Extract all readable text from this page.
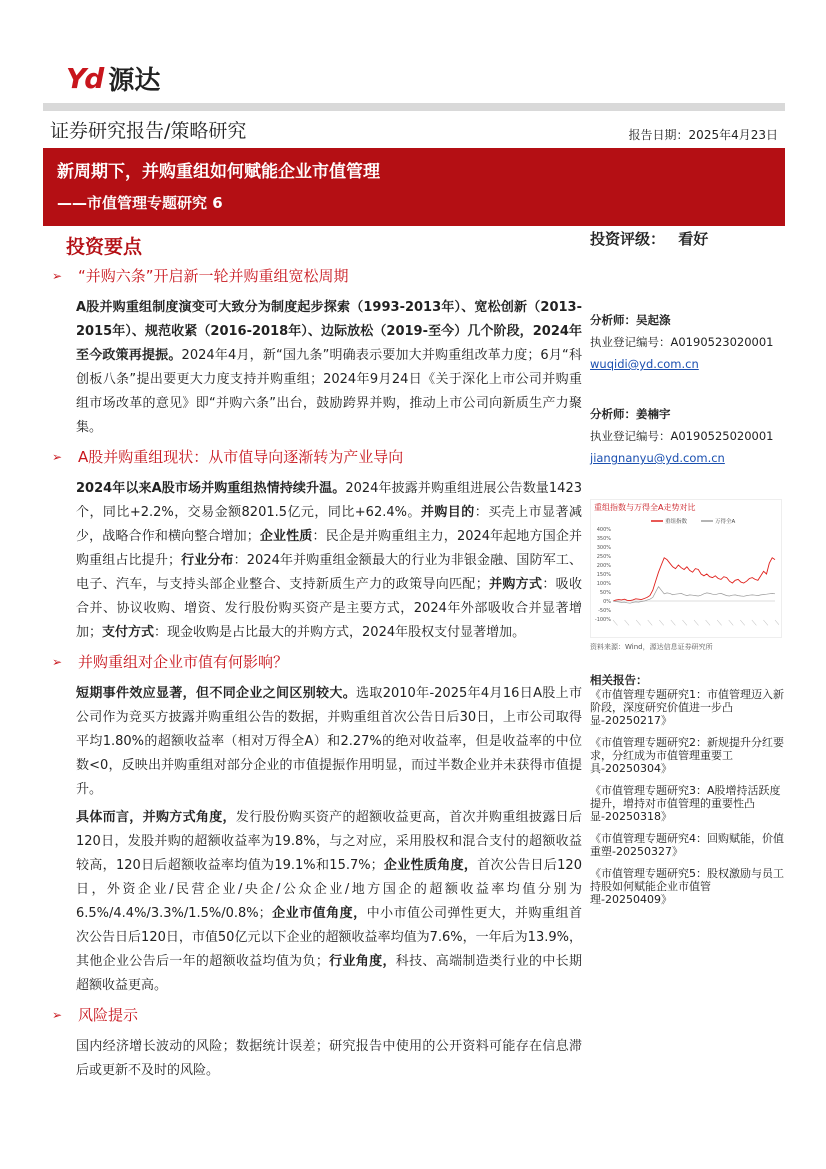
Yd 源达
证券研究报告/策略研究	报告日期：2025年4月23日
新周期下，并购重组如何赋能企业市值管理
——市值管理专题研究 6
投资要点
➢	“并购六条”开启新一轮并购重组宽松周期
A股并购重组制度演变可大致分为制度起步探索（1993-2013年）、宽松创新（2013-2015年）、规范收紧（2016-2018年）、边际放松（2019-至今）几个阶段，2024年至今政策再提振。2024年4月，新“国九条”明确表示要加大并购重组改革力度；6月“科创板八条”提出要更大力度支持并购重组；2024年9月24日《关于深化上市公司并购重组市场改革的意见》即“并购六条”出台，鼓励跨界并购，推动上市公司向新质生产力聚集。
➢	A股并购重组现状：从市值导向逐渐转为产业导向
2024年以来A股市场并购重组热情持续升温。2024年披露并购重组进展公告数量1423个，同比+2.2%，交易金额8201.5亿元，同比+62.4%。并购目的：买壳上市显著减少，战略合作和横向整合增加；企业性质：民企是并购重组主力，2024年起地方国企并购重组占比提升；行业分布：2024年并购重组金额最大的行业为非银金融、国防军工、电子、汽车，与支持头部企业整合、支持新质生产力的政策导向匹配；并购方式：吸收合并、协议收购、增资、发行股份购买资产是主要方式，2024年外部吸收合并显著增加；支付方式：现金收购是占比最大的并购方式，2024年股权支付显著增加。
➢	并购重组对企业市值有何影响？
短期事件效应显著，但不同企业之间区别较大。选取2010年-2025年4月16日A股上市公司作为竞买方披露并购重组公告的数据，并购重组首次公告日后30日，上市公司取得平均1.80%的超额收益率（相对万得全A）和2.27%的绝对收益率，但是收益率的中位数<0，反映出并购重组对部分企业的市值提振作用明显，而过半数企业并未获得市值提升。
具体而言，并购方式角度，发行股份购买资产的超额收益更高，首次并购重组披露日后120日，发股并购的超额收益率为19.8%，与之对应，采用股权和混合支付的超额收益较高，120日后超额收益率均值为19.1%和15.7%；企业性质角度，首次公告日后120日，外资企业/民营企业/央企/公众企业/地方国企的超额收益率均值分别为6.5%/4.4%/3.3%/1.5%/0.8%；企业市值角度，中小市值公司弹性更大，并购重组首次公告日后120日，市值50亿元以下企业的超额收益率均值为7.6%，一年后为13.9%，其他企业公告后一年的超额收益均值为负；行业角度，科技、高端制造类行业的中长期超额收益更高。
➢	风险提示
国内经济增长波动的风险；数据统计误差；研究报告中使用的公开资料可能存在信息滞后或更新不及时的风险。
投资评级： 看好
分析师：吴起涤
执业登记编号：A0190523020001
wuqidi@yd.com.cn
分析师：姜楠宇
执业登记编号：A0190525020001
jiangnanyu@yd.com.cn
重组指数与万得全A走势对比
重组指数	万得全A
400%
350%
300%
250%
200%
150%
100%
50%
0%
-50%
-100%
资料来源：Wind，源达信息证券研究所
相关报告：
《市值管理专题研究1：市值管理迈入新阶段，深度研究价值进一步凸显-20250217》
《市值管理专题研究2：新规提升分红要求，分红成为市值管理重要工具-20250304》
《市值管理专题研究3：A股增持活跃度提升，增持对市值管理的重要性凸显-20250318》
《市值管理专题研究4：回购赋能，价值重塑-20250327》
《市值管理专题研究5：股权激励与员工持股如何赋能企业市值管理-20250409》
